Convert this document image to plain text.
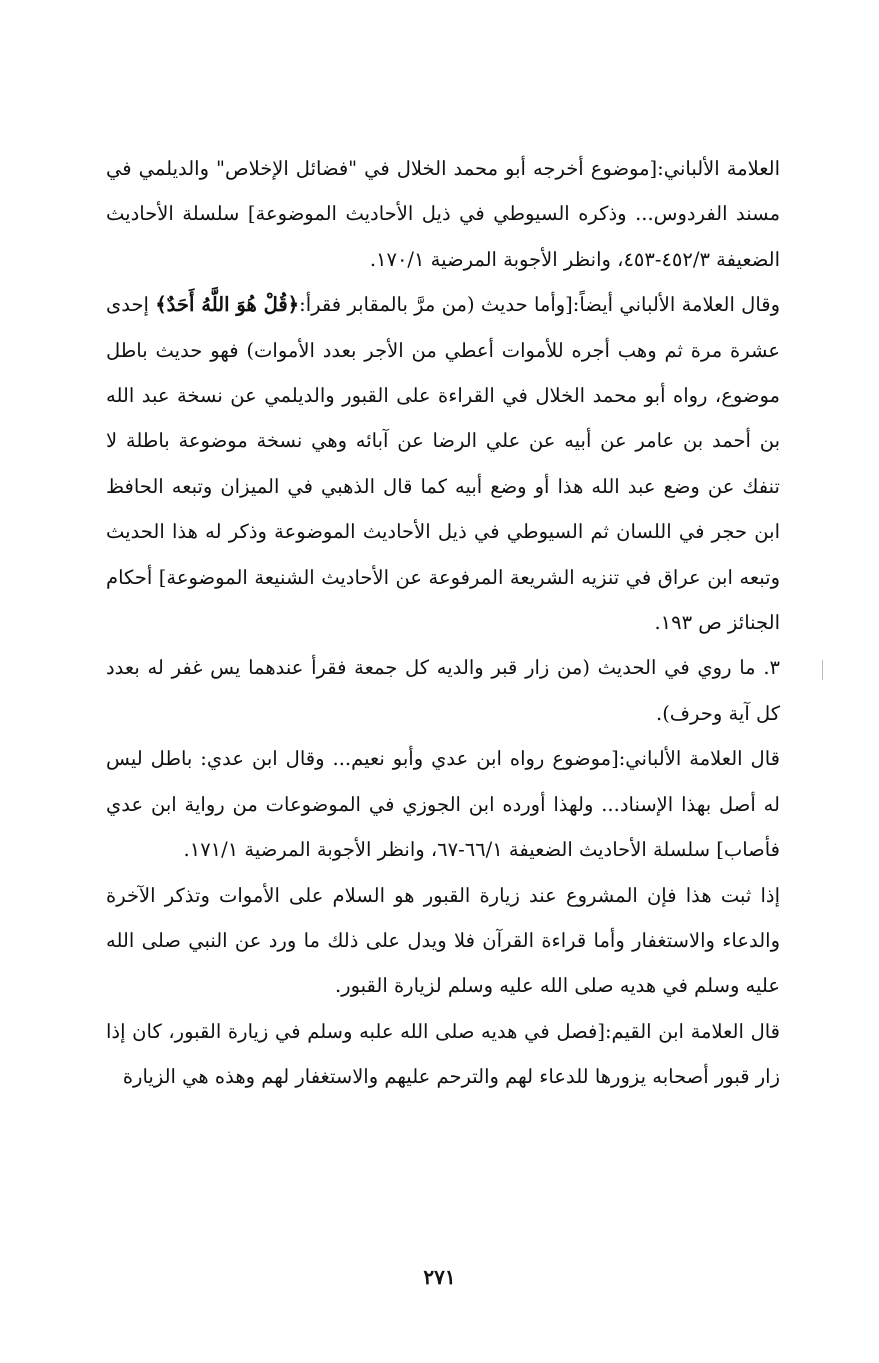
العلامة الألباني:[موضوع أخرجه أبو محمد الخلال في "فضائل الإخلاص" والديلمي في مسند الفردوس... وذكره السيوطي في ذيل الأحاديث الموضوعة] سلسلة الأحاديث الضعيفة ٤٥٢/٣-٤٥٣، وانظر الأجوبة المرضية ١٧٠/١.

وقال العلامة الألباني أيضاً:[وأما حديث (من مرَّ بالمقابر فقرأ:﴿قُلْ هُوَ اللَّهُ أَحَدٌ﴾ إحدى عشرة مرة ثم وهب أجره للأموات أعطي من الأجر بعدد الأموات) فهو حديث باطل موضوع، رواه أبو محمد الخلال في القراءة على القبور والديلمي عن نسخة عبد الله بن أحمد بن عامر عن أبيه عن علي الرضا عن آبائه وهي نسخة موضوعة باطلة لا تنفك عن وضع عبد الله هذا أو وضع أبيه كما قال الذهبي في الميزان وتبعه الحافظ ابن حجر في اللسان ثم السيوطي في ذيل الأحاديث الموضوعة وذكر له هذا الحديث وتبعه ابن عراق في تنزيه الشريعة المرفوعة عن الأحاديث الشنيعة الموضوعة] أحكام الجنائز ص ١٩٣.

٣. ما روي في الحديث (من زار قبر والديه كل جمعة فقرأ عندهما يس غفر له بعدد كل آية وحرف).

قال العلامة الألباني:[موضوع رواه ابن عدي وأبو نعيم... وقال ابن عدي: باطل ليس له أصل بهذا الإسناد... ولهذا أورده ابن الجوزي في الموضوعات من رواية ابن عدي فأصاب] سلسلة الأحاديث الضعيفة ٦٦/١-٦٧، وانظر الأجوبة المرضية ١٧١/١.

إذا ثبت هذا فإن المشروع عند زيارة القبور هو السلام على الأموات وتذكر الآخرة والدعاء والاستغفار وأما قراءة القرآن فلا ويدل على ذلك ما ورد عن النبي صلى الله عليه وسلم في هديه صلى الله عليه وسلم لزيارة القبور.

قال العلامة ابن القيم:[فصل في هديه صلى الله علبه وسلم في زيارة القبور، كان إذا زار قبور أصحابه يزورها للدعاء لهم والترحم عليهم والاستغفار لهم وهذه هي الزيارة

٢٧١
